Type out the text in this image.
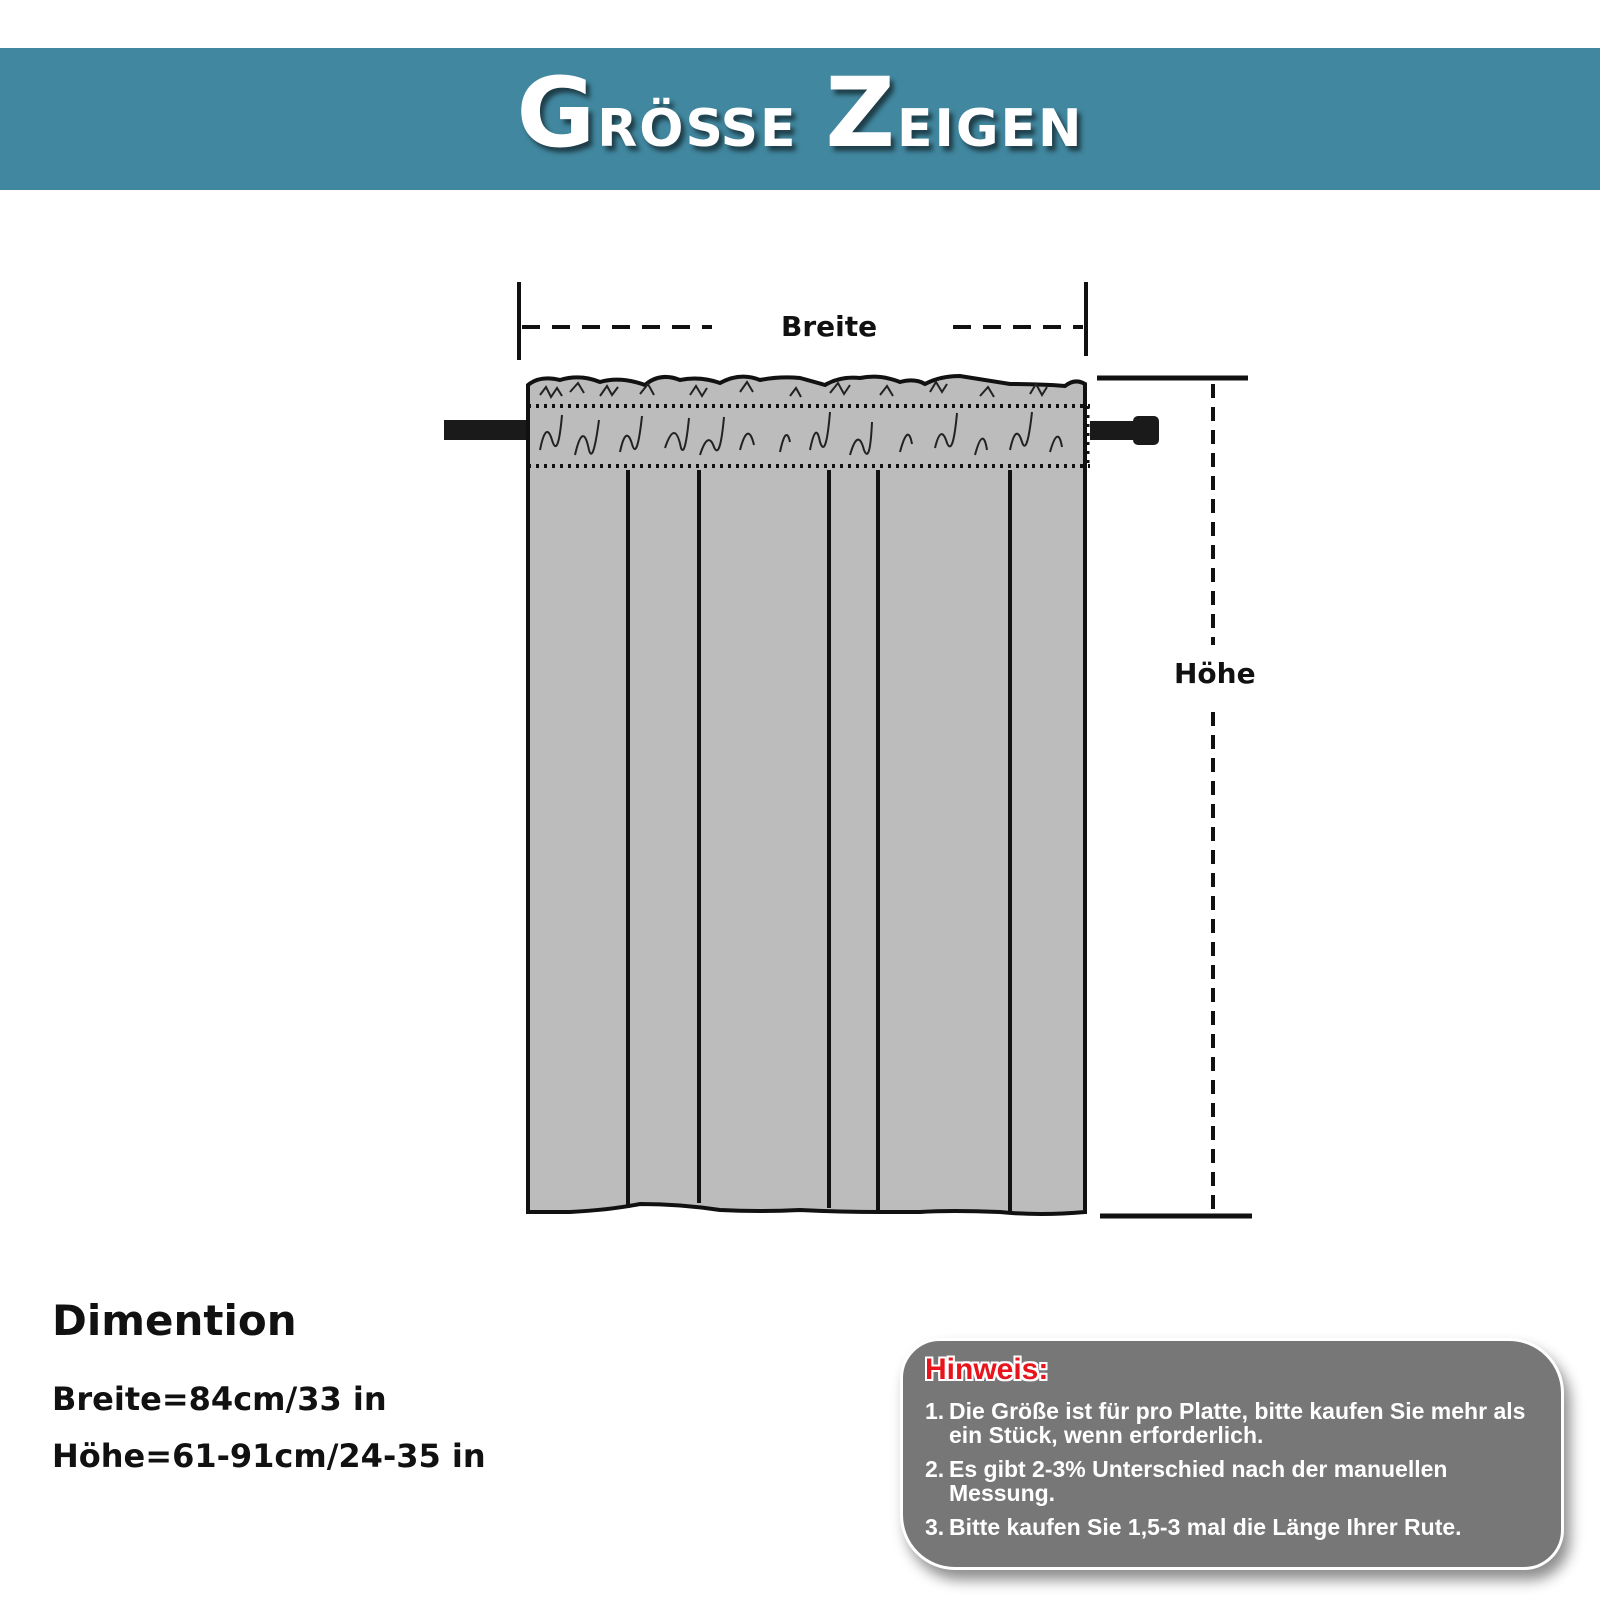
Größe Zeigen
Breite
Höhe
Dimention
Breite=84cm/33 in
Höhe=61-91cm/24-35 in
Hinweis:
1. Die Größe ist für pro Platte, bitte kaufen Sie mehr als ein Stück, wenn erforderlich.
2. Es gibt 2-3% Unterschied nach der manuellen Messung.
3. Bitte kaufen Sie 1,5-3 mal die Länge Ihrer Rute.
